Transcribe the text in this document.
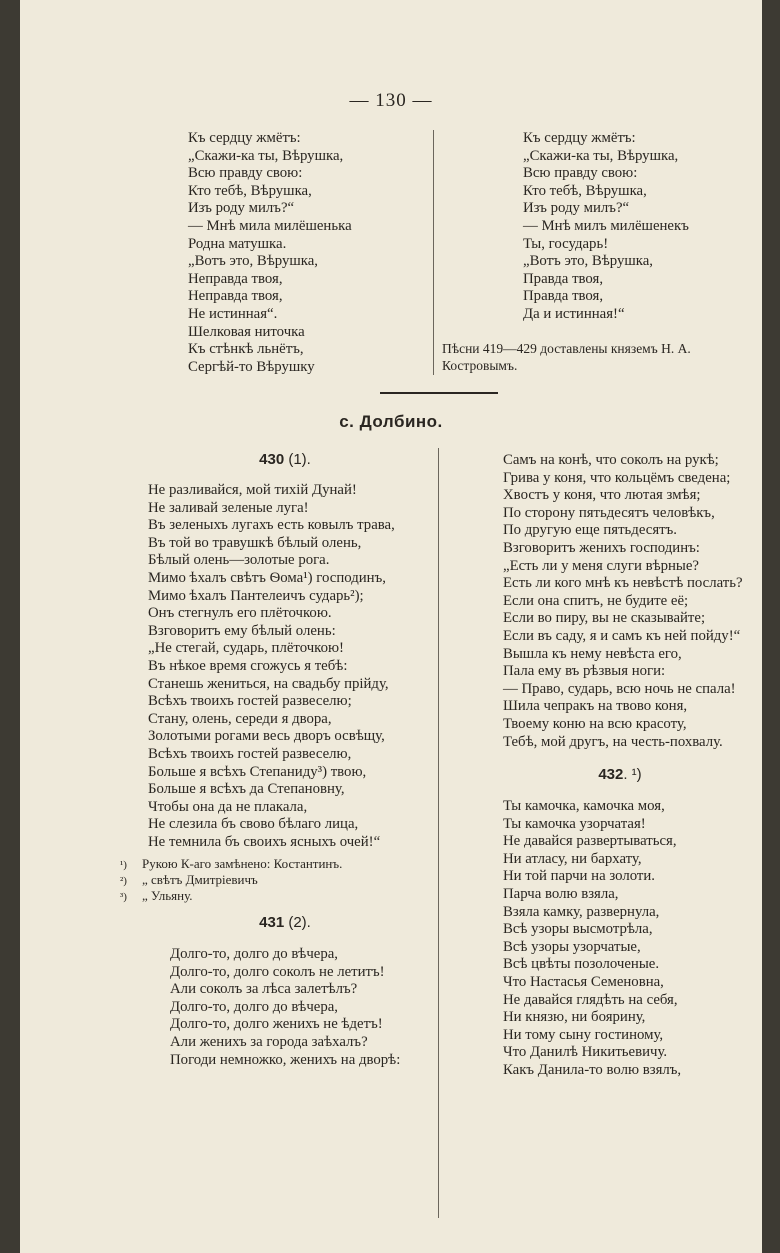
— 130 —
Къ сердцу жмётъ:
„Скажи-ка ты, Вѣрушка,
Всю правду свою:
Кто тебѣ, Вѣрушка,
Изъ роду милъ?“
— Мнѣ мила милёшенька
Родна матушка.
„Вотъ это, Вѣрушка,
Неправда твоя,
Неправда твоя,
Не истинная“.
Шелковая ниточка
Къ стѣнкѣ льнётъ,
Сергѣй-то Вѣрушку
Къ сердцу жмётъ:
„Скажи-ка ты, Вѣрушка,
Всю правду свою:
Кто тебѣ, Вѣрушка,
Изъ роду милъ?“
— Мнѣ милъ милёшенекъ
Ты, государь!
„Вотъ это, Вѣрушка,
Правда твоя,
Правда твоя,
Да и истинная!“
Пѣсни 419—429 доставлены княземъ Н. А. Костровымъ.
с. Долбино.
430 (1).
Не разливайся, мой тихій Дунай!
Не заливай зеленые луга!
Въ зеленыхъ лугахъ есть ковылъ трава,
Въ той во травушкѣ бѣлый олень,
Бѣлый олень—золотые рога.
Мимо ѣхалъ свѣтъ Ѳома¹) господинъ,
Мимо ѣхалъ Пантелеичъ сударь²);
Онъ стегнулъ его плёточкою.
Взговоритъ ему бѣлый олень:
„Не стегай, сударь, плёточкою!
Въ нѣкое время сгожусь я тебѣ:
Станешь жениться, на свадьбу прійду,
Всѣхъ твоихъ гостей развеселю;
Стану, олень, середи я двора,
Золотыми рогами весь дворъ освѣщу,
Всѣхъ твоихъ гостей развеселю,
Больше я всѣхъ Степаниду³) твою,
Больше я всѣхъ да Степановну,
Чтобы она да не плакала,
Не слезила бъ свово бѣлаго лица,
Не темнила бъ своихъ ясныхъ очей!“
¹) Рукою К-аго замѣнено: Костантинъ.
²) „ свѣтъ Дмитріевичъ
³) „ Ульяну.
431 (2).
Долго-то, долго до вѣчера,
Долго-то, долго соколъ не летитъ!
Али соколъ за лѣса залетѣлъ?
Долго-то, долго до вѣчера,
Долго-то, долго женихъ не ѣдетъ!
Али женихъ за города заѣхалъ?
Погоди немножко, женихъ на дворѣ:
Самъ на конѣ, что соколъ на рукѣ;
Грива у коня, что кольцёмъ сведена;
Хвостъ у коня, что лютая змѣя;
По сторону пятьдесятъ человѣкъ,
По другую еще пятьдесятъ.
Взговоритъ женихъ господинъ:
„Есть ли у меня слуги вѣрные?
Есть ли кого мнѣ къ невѣстѣ послать?
Если она спитъ, не будите её;
Если во пиру, вы не сказывайте;
Если въ саду, я и самъ къ ней пойду!“
Вышла къ нему невѣста его,
Пала ему въ рѣзвыя ноги:
— Право, сударь, всю ночь не спала!
Шила чепракъ на твово коня,
Твоему коню на всю красоту,
Тебѣ, мой другъ, на честь-похвалу.
432. ¹)
Ты камочка, камочка моя,
Ты камочка узорчатая!
Не давайся развертываться,
Ни атласу, ни бархату,
Ни той парчи на золоти.
Парча волю взяла,
Взяла камку, развернула,
Всѣ узоры высмотрѣла,
Всѣ узоры узорчатые,
Всѣ цвѣты позолоченые.
Что Настасья Семеновна,
Не давайся глядѣть на себя,
Ни князю, ни боярину,
Ни тому сыну гостиному,
Что Данилѣ Никитьевичу.
Какъ Данила-то волю взялъ,
